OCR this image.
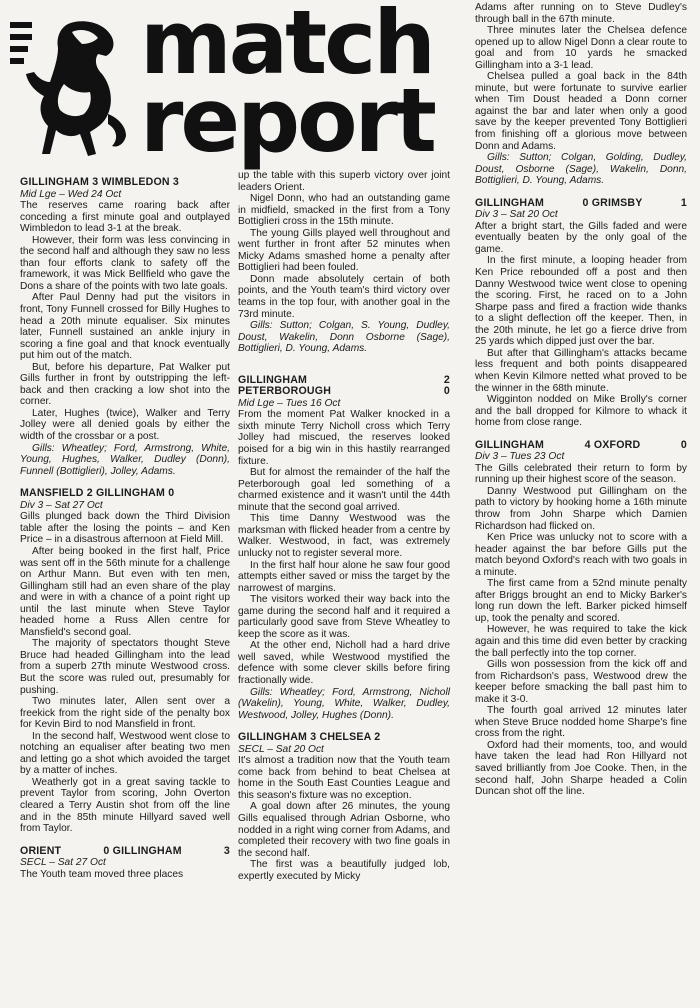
match
report
GILLINGHAM 3 WIMBLEDON 3
Mid Lge – Wed 24 Oct
The reserves came roaring back after conceding a first minute goal and outplayed Wimbledon to lead 3-1 at the break.
However, their form was less convincing in the second half and although they saw no less than four efforts clank to safety off the framework, it was Mick Bellfield who gave the Dons a share of the points with two late goals.
After Paul Denny had put the visitors in front, Tony Funnell crossed for Billy Hughes to head a 20th minute equaliser. Six minutes later, Funnell sustained an ankle injury in scoring a fine goal and that knock eventually put him out of the match.
But, before his departure, Pat Walker put Gills further in front by outstripping the left-back and then cracking a low shot into the corner.
Later, Hughes (twice), Walker and Terry Jolley were all denied goals by either the width of the crossbar or a post.
Gills: Wheatley; Ford, Armstrong, White, Young, Hughes, Walker, Dudley (Donn), Funnell (Bottiglieri), Jolley, Adams.
MANSFIELD 2 GILLINGHAM 0
Div 3 – Sat 27 Oct
Gills plunged back down the Third Division table after the losing the points – and Ken Price – in a disastrous afternoon at Field Mill.
After being booked in the first half, Price was sent off in the 56th minute for a challenge on Arthur Mann. But even with ten men, Gillingham still had an even share of the play and were in with a chance of a point right up until the last minute when Steve Taylor headed home a Russ Allen centre for Mansfield's second goal.
The majority of spectators thought Steve Bruce had headed Gillingham into the lead from a superb 27th minute Westwood cross. But the score was ruled out, presumably for pushing.
Two minutes later, Allen sent over a freekick from the right side of the penalty box for Kevin Bird to nod Mansfield in front.
In the second half, Westwood went close to notching an equaliser after beating two men and letting go a shot which avoided the target by a matter of inches.
Weatherly got in a great saving tackle to prevent Taylor from scoring, John Overton cleared a Terry Austin shot from off the line and in the 85th minute Hillyard saved well from Taylor.
ORIENT	0 GILLINGHAM	3
SECL – Sat 27 Oct
The Youth team moved three places
up the table with this superb victory over joint leaders Orient.
Nigel Donn, who had an outstanding game in midfield, smacked in the first from a Tony Bottiglieri cross in the 15th minute.
The young Gills played well throughout and went further in front after 52 minutes when Micky Adams smashed home a penalty after Bottiglieri had been fouled.
Donn made absolutely certain of both points, and the Youth team's third victory over teams in the top four, with another goal in the 73rd minute.
Gills: Sutton; Colgan, S. Young, Dudley, Doust, Wakelin, Donn Osborne (Sage), Bottiglieri, D. Young, Adams.
GILLINGHAM	2
PETERBOROUGH	0
Mid Lge – Tues 16 Oct
From the moment Pat Walker knocked in a sixth minute Terry Nicholl cross which Terry Jolley had miscued, the reserves looked poised for a big win in this hastily rearranged fixture.
But for almost the remainder of the half the Peterborough goal led something of a charmed existence and it wasn't until the 44th minute that the second goal arrived.
This time Danny Westwood was the marksman with flicked header from a centre by Walker. Westwood, in fact, was extremely unlucky not to register several more.
In the first half hour alone he saw four good attempts either saved or miss the target by the narrowest of margins.
The visitors worked their way back into the game during the second half and it required a particularly good save from Steve Wheatley to keep the score as it was.
At the other end, Nicholl had a hard drive well saved, while Westwood mystified the defence with some clever skills before firing fractionally wide.
Gills: Wheatley; Ford, Armstrong, Nicholl (Wakelin), Young, White, Walker, Dudley, Westwood, Jolley, Hughes (Donn).
GILLINGHAM 3 CHELSEA 2
SECL – Sat 20 Oct
It's almost a tradition now that the Youth team come back from behind to beat Chelsea at home in the South East Counties League and this season's fixture was no exception.
A goal down after 26 minutes, the young Gills equalised through Adrian Osborne, who nodded in a right wing corner from Adams, and completed their recovery with two fine goals in the second half.
The first was a beautifully judged lob, expertly executed by Micky
Adams after running on to Steve Dudley's through ball in the 67th minute.
Three minutes later the Chelsea defence opened up to allow Nigel Donn a clear route to goal and from 10 yards he smacked Gillingham into a 3-1 lead.
Chelsea pulled a goal back in the 84th minute, but were fortunate to survive earlier when Tim Doust headed a Donn corner against the bar and later when only a good save by the keeper prevented Tony Bottiglieri from finishing off a glorious move between Donn and Adams.
Gills: Sutton; Colgan, Golding, Dudley, Doust, Osborne (Sage), Wakelin, Donn, Bottiglieri, D. Young, Adams.
GILLINGHAM	0 GRIMSBY	1
Div 3 – Sat 20 Oct
After a bright start, the Gills faded and were eventually beaten by the only goal of the game.
In the first minute, a looping header from Ken Price rebounded off a post and then Danny Westwood twice went close to opening the scoring. First, he raced on to a John Sharpe pass and fired a fraction wide thanks to a slight deflection off the keeper. Then, in the 20th minute, he let go a fierce drive from 25 yards which dipped just over the bar.
But after that Gillingham's attacks became less frequent and both points disappeared when Kevin Kilmore netted what proved to be the winner in the 68th minute.
Wigginton nodded on Mike Brolly's corner and the ball dropped for Kilmore to whack it home from close range.
GILLINGHAM	4 OXFORD	0
Div 3 – Tues 23 Oct
The Gills celebrated their return to form by running up their highest score of the season.
Danny Westwood put Gillingham on the path to victory by hooking home a 16th minute throw from John Sharpe which Damien Richardson had flicked on.
Ken Price was unlucky not to score with a header against the bar before Gills put the match beyond Oxford's reach with two goals in a minute.
The first came from a 52nd minute penalty after Briggs brought an end to Micky Barker's long run down the left. Barker picked himself up, took the penalty and scored.
However, he was required to take the kick again and this time did even better by cracking the ball perfectly into the top corner.
Gills won possession from the kick off and from Richardson's pass, Westwood drew the keeper before smacking the ball past him to make it 3-0.
The fourth goal arrived 12 minutes later when Steve Bruce nodded home Sharpe's fine cross from the right.
Oxford had their moments, too, and would have taken the lead had Ron Hillyard not saved brilliantly from Joe Cooke. Then, in the second half, John Sharpe headed a Colin Duncan shot off the line.
